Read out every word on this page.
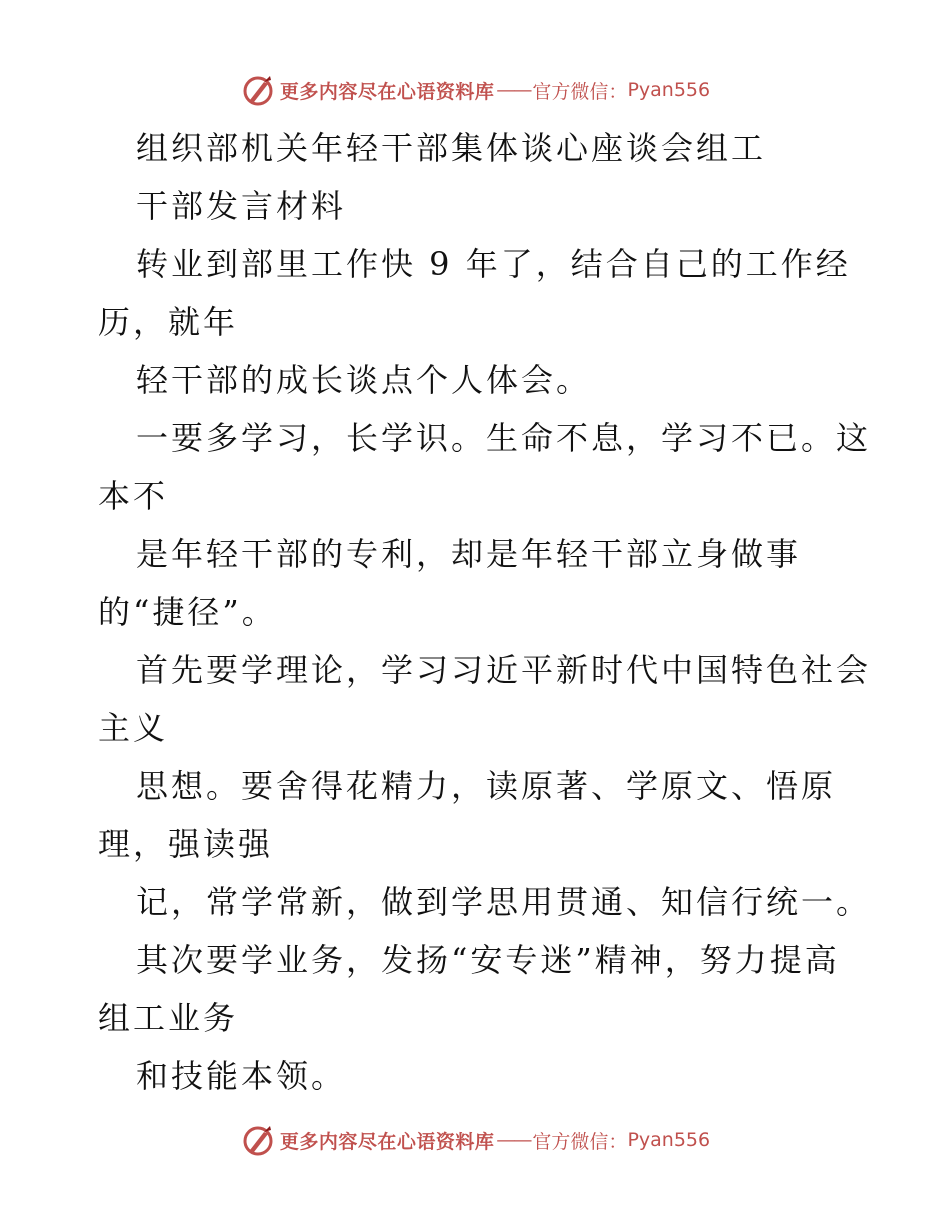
更多内容尽在心语资料库 —— 官方微信： Pyan556
组织部机关年轻干部集体谈心座谈会组工
干部发言材料
转业到部里工作快 9 年了，结合自己的工作经
历，就年
轻干部的成长谈点个人体会。
一要多学习，长学识。生命不息，学习不已。这
本不
是年轻干部的专利，却是年轻干部立身做事
的“捷径”。
首先要学理论，学习习近平新时代中国特色社会
主义
思想。要舍得花精力，读原著、学原文、悟原
理，强读强
记，常学常新，做到学思用贯通、知信行统一。
其次要学业务，发扬“安专迷”精神，努力提高
组工业务
和技能本领。
更多内容尽在心语资料库 —— 官方微信： Pyan556
